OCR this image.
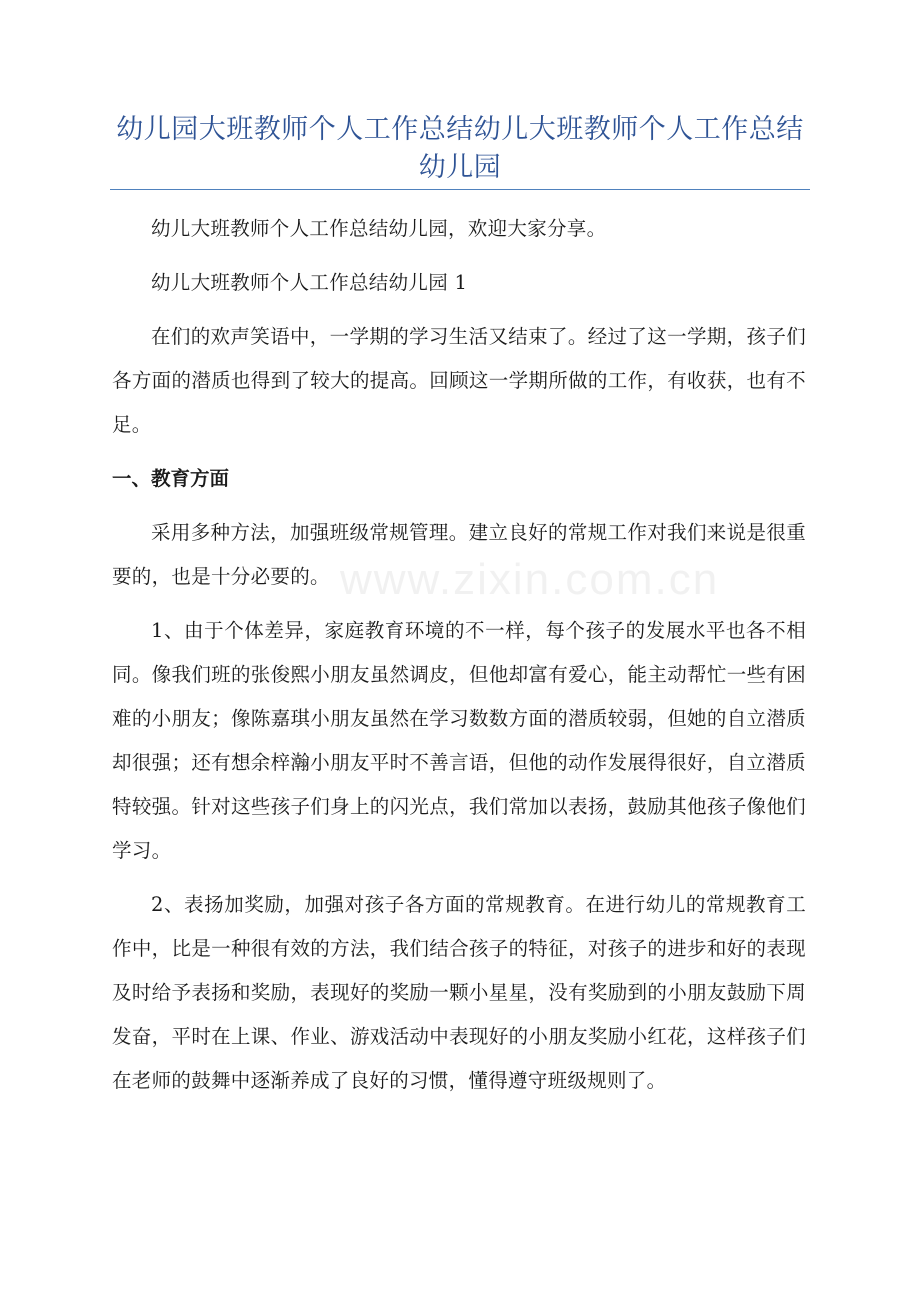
幼儿园大班教师个人工作总结幼儿大班教师个人工作总结幼儿园

幼儿大班教师个人工作总结幼儿园，欢迎大家分享。

幼儿大班教师个人工作总结幼儿园 1

在们的欢声笑语中，一学期的学习生活又结束了。经过了这一学期，孩子们各方面的潜质也得到了较大的提高。回顾这一学期所做的工作，有收获，也有不足。

一、教育方面

采用多种方法，加强班级常规管理。建立良好的常规工作对我们来说是很重要的，也是十分必要的。

1、由于个体差异，家庭教育环境的不一样，每个孩子的发展水平也各不相同。像我们班的张俊熙小朋友虽然调皮，但他却富有爱心，能主动帮忙一些有困难的小朋友；像陈嘉琪小朋友虽然在学习数数方面的潜质较弱，但她的自立潜质却很强；还有想余梓瀚小朋友平时不善言语，但他的动作发展得很好，自立潜质特较强。针对这些孩子们身上的闪光点，我们常加以表扬，鼓励其他孩子像他们学习。

2、表扬加奖励，加强对孩子各方面的常规教育。在进行幼儿的常规教育工作中，比是一种很有效的方法，我们结合孩子的特征，对孩子的进步和好的表现及时给予表扬和奖励，表现好的奖励一颗小星星，没有奖励到的小朋友鼓励下周发奋，平时在上课、作业、游戏活动中表现好的小朋友奖励小红花，这样孩子们在老师的鼓舞中逐渐养成了良好的习惯，懂得遵守班级规则了。

www.zixin.com.cn
